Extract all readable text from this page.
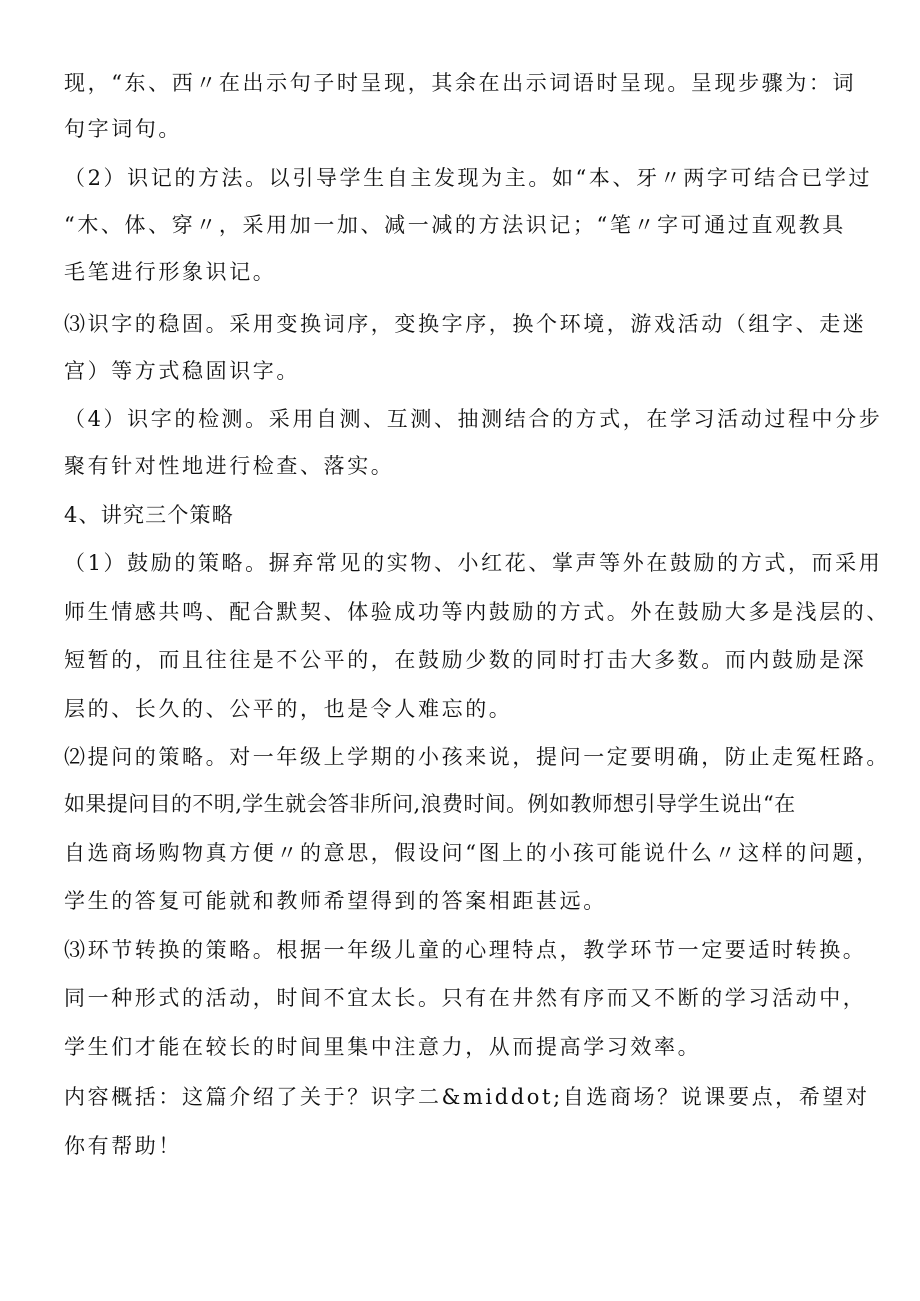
现，“东、西〃在出示句子时呈现，其余在出示词语时呈现。呈现步骤为：词
句字词句。
（2）识记的方法。以引导学生自主发现为主。如“本、牙〃两字可结合已学过
“木、体、穿〃，采用加一加、减一减的方法识记；“笔〃字可通过直观教具
毛笔进行形象识记。
⑶识字的稳固。采用变换词序，变换字序，换个环境，游戏活动（组字、走迷
宫）等方式稳固识字。
（4）识字的检测。采用自测、互测、抽测结合的方式，在学习活动过程中分步
聚有针对性地进行检查、落实。
4、讲究三个策略
（1）鼓励的策略。摒弃常见的实物、小红花、掌声等外在鼓励的方式，而采用
师生情感共鸣、配合默契、体验成功等内鼓励的方式。外在鼓励大多是浅层的、
短暂的，而且往往是不公平的，在鼓励少数的同时打击大多数。而内鼓励是深
层的、长久的、公平的，也是令人难忘的。
⑵提问的策略。对一年级上学期的小孩来说，提问一定要明确，防止走冤枉路。
如果提问目的不明,学生就会答非所问,浪费时间。例如教师想引导学生说出“在
自选商场购物真方便〃的意思，假设问“图上的小孩可能说什么〃这样的问题，
学生的答复可能就和教师希望得到的答案相距甚远。
⑶环节转换的策略。根据一年级儿童的心理特点，教学环节一定要适时转换。
同一种形式的活动，时间不宜太长。只有在井然有序而又不断的学习活动中，
学生们才能在较长的时间里集中注意力，从而提高学习效率。
内容概括：这篇介绍了关于？识字二&middot;自选商场？说课要点，希望对
你有帮助！
